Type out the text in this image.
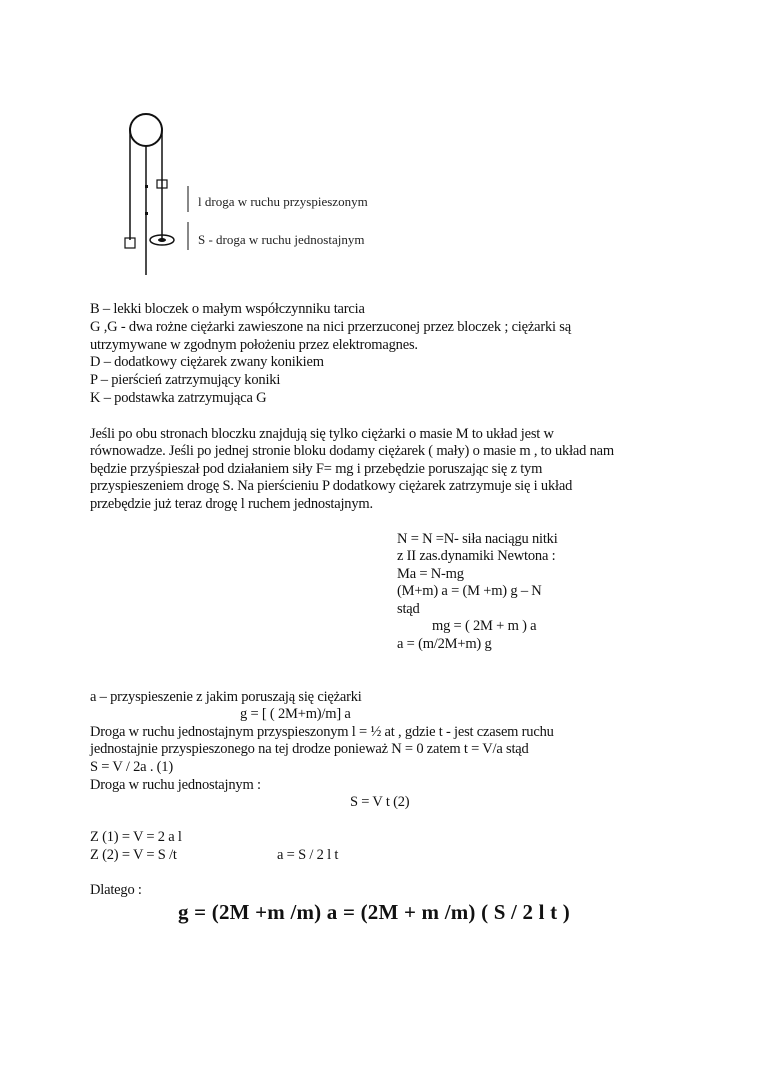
l droga w ruchu przyspieszonym
S - droga w ruchu jednostajnym
B – lekki bloczek o małym współczynniku tarcia
G ,G - dwa rożne ciężarki zawieszone na nici przerzuconej przez bloczek ; ciężarki są
utrzymywane w zgodnym położeniu przez elektromagnes.
D – dodatkowy ciężarek zwany konikiem
P – pierścień zatrzymujący koniki
K – podstawka zatrzymująca G
Jeśli po obu stronach bloczku znajdują się tylko ciężarki o masie M to układ jest w
równowadze. Jeśli po jednej stronie bloku dodamy ciężarek ( mały) o masie m , to układ nam
będzie przyśpieszał pod działaniem siły F= mg i przebędzie poruszając się z tym
przyspieszeniem drogę S. Na pierścieniu P dodatkowy ciężarek zatrzymuje się i układ
przebędzie już teraz drogę l ruchem jednostajnym.
N = N =N- siła naciągu nitki
z II zas.dynamiki Newtona :
Ma = N-mg
(M+m) a = (M +m) g – N
stąd
mg = ( 2M + m ) a
a = (m/2M+m) g
a – przyspieszenie z jakim poruszają się ciężarki
g = [ ( 2M+m)/m] a
Droga w ruchu jednostajnym przyspieszonym l = ½ at , gdzie t - jest czasem ruchu
jednostajnie przyspieszonego na tej drodze ponieważ N = 0 zatem t = V/a stąd
S = V / 2a . (1)
Droga w ruchu jednostajnym :
S = V t (2)
Z (1) = V = 2 a l
Z (2) = V = S /t	a = S / 2 l t
Dlatego :
g = (2M +m /m) a = (2M + m /m) ( S / 2 l t )
